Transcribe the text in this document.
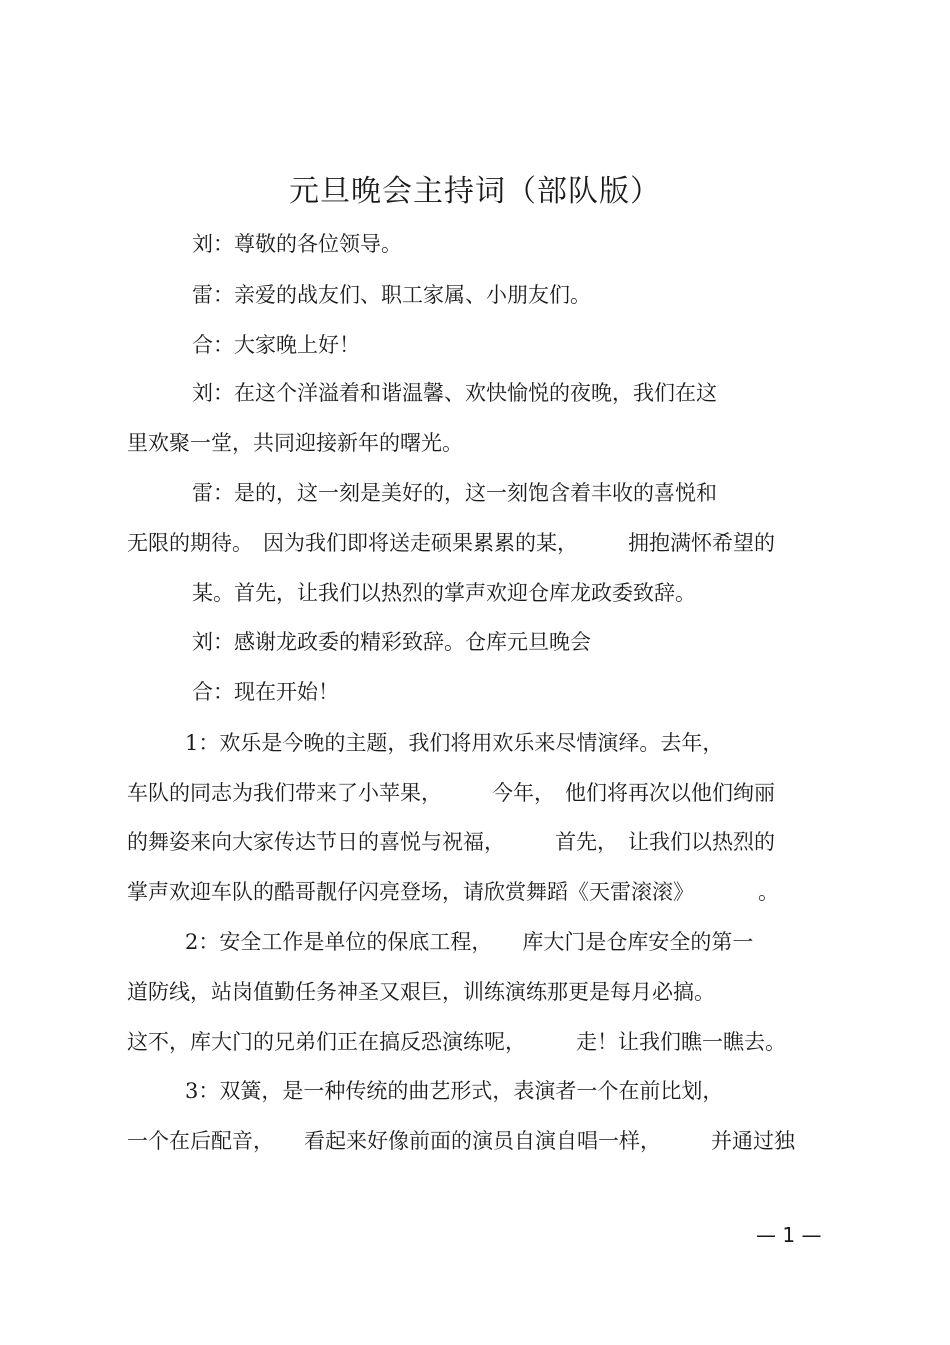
元旦晚会主持词（部队版）
刘：尊敬的各位领导。
雷：亲爱的战友们、职工家属、小朋友们。
合：大家晚上好！
刘：在这个洋溢着和谐温馨、欢快愉悦的夜晚，我们在这
里欢聚一堂，共同迎接新年的曙光。
雷：是的，这一刻是美好的，这一刻饱含着丰收的喜悦和
无限的期待。 因为我们即将送走硕果累累的某， 拥抱满怀希望的
某。首先，让我们以热烈的掌声欢迎仓库龙政委致辞。
刘：感谢龙政委的精彩致辞。仓库元旦晚会
合：现在开始！
1：欢乐是今晚的主题，我们将用欢乐来尽情演绎。去年，
车队的同志为我们带来了小苹果， 今年， 他们将再次以他们绚丽
的舞姿来向大家传达节日的喜悦与祝福， 首先， 让我们以热烈的
掌声欢迎车队的酷哥靓仔闪亮登场，请欣赏舞蹈《天雷滚滚》	。
2：安全工作是单位的保底工程， 库大门是仓库安全的第一
道防线，站岗值勤任务神圣又艰巨，训练演练那更是每月必搞。
这不，库大门的兄弟们正在搞反恐演练呢， 走！让我们瞧一瞧去。
3：双簧，是一种传统的曲艺形式，表演者一个在前比划，
一个在后配音， 看起来好像前面的演员自演自唱一样， 并通过独
— 1 —
